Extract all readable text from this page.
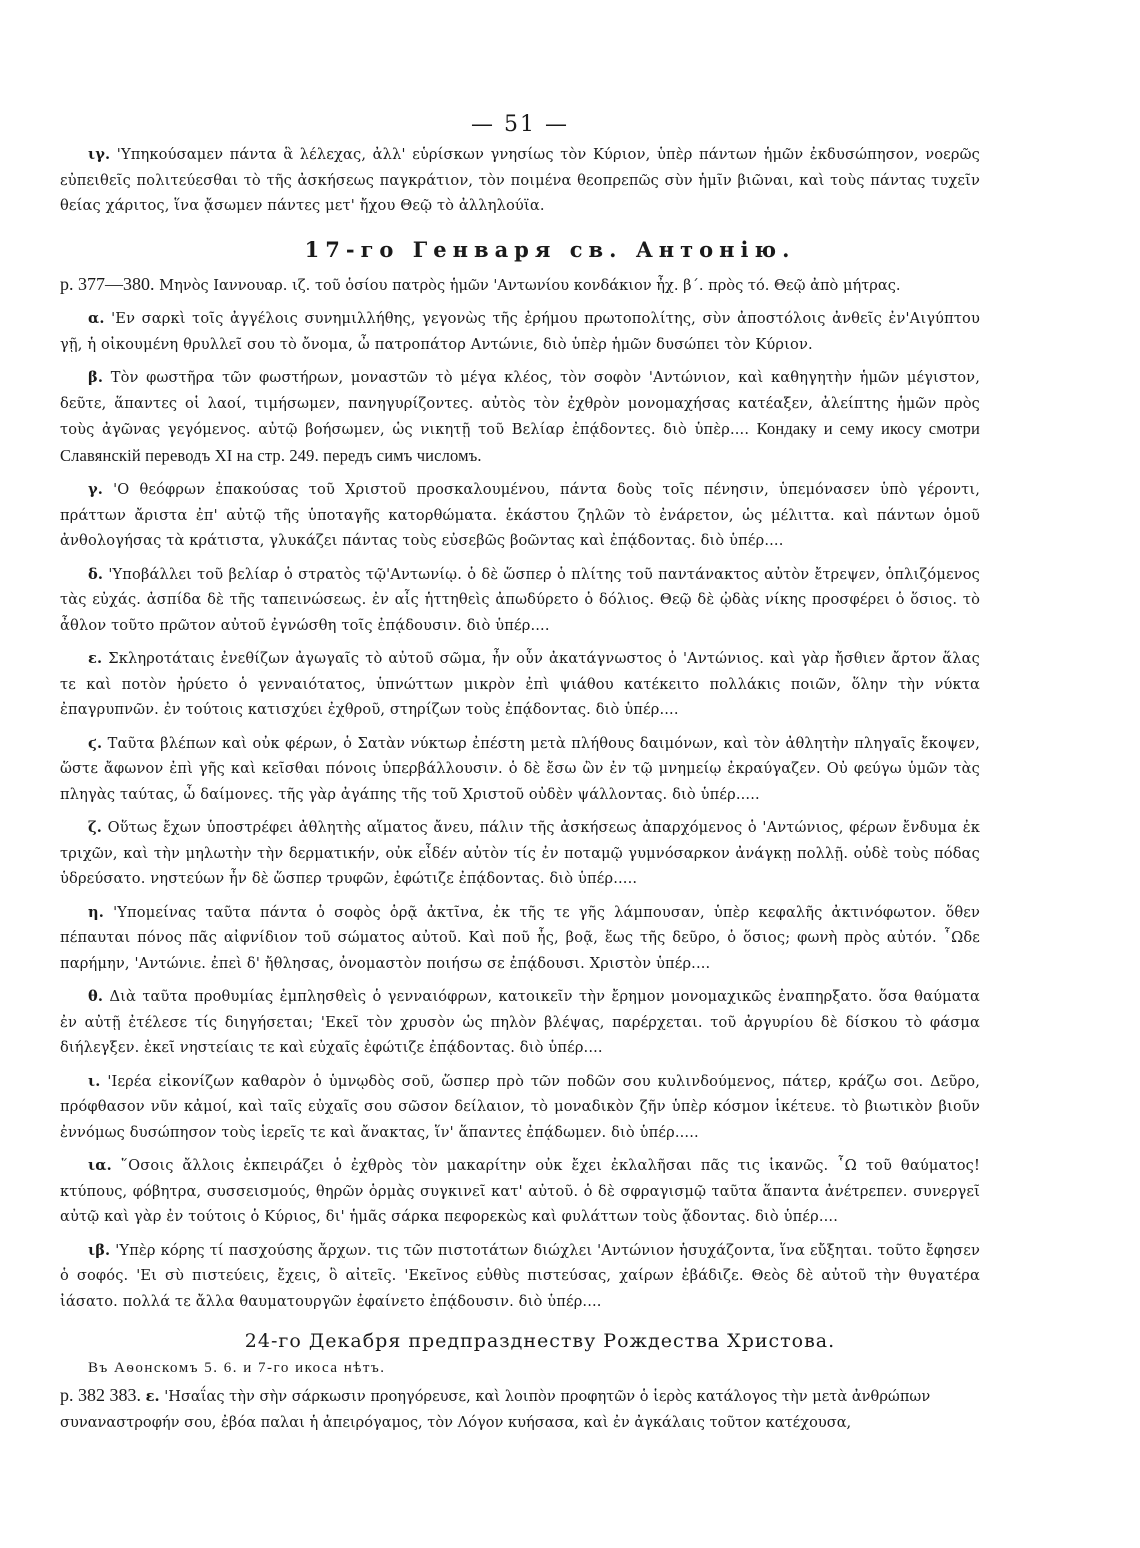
— 51 —

ιγ. 'Υπηκούσαμεν πάντα ἃ λέλεχας, ἀλλ' εὑρίσκων γνησίως τὸν Κύριον, ὑπὲρ πάντων ἡμῶν ἐκδυσώπησον, νοερῶς εὐπειθεῖς πολιτεύεσθαι τὸ τῆς ἀσκήσεως παγκράτιον, τὸν ποιμένα θεοπρεπῶς σὺν ἡμῖν βιῶναι, καὶ τοὺς πάντας τυχεῖν θείας χάριτος, ἵνα ᾄσωμεν πάντες μετ' ἤχου Θεῷ τὸ ἀλληλούϊα.

17-го Генваря св. Антонiю.

р. 377—380. Μηνὸς Ιαννουαρ. ιζ. τοῦ ὁσίου πατρὸς ἡμῶν 'Αντωνίου κονδάκιον ἦχ. β΄. πρὸς τό. Θεῷ ἀπὸ μήτρας.

α. 'Εν σαρκὶ τοῖς ἀγγέλοις συνημιλλήθης, γεγονὼς τῆς ἐρήμου πρωτοπολίτης, σὺν ἀποστόλοις ἀνθεῖς ἐν'Αιγύπτου γῇ, ἡ οἰκουμένη θρυλλεῖ σου τὸ ὄνομα, ὦ πατροπάτορ Αντώνιε, διὸ ὑπὲρ ἡμῶν δυσώπει τὸν Κύριον.

β. Τὸν φωστῆρα τῶν φωστήρων, μοναστῶν τὸ μέγα κλέος, τὸν σοφὸν 'Αντώνιον, καὶ καθηγητὴν ἡμῶν μέγιστον, δεῦτε, ἅπαντες οἱ λαοί, τιμήσωμεν, πανηγυρίζοντες. αὐτὸς τὸν ἐχθρὸν μονομαχήσας κατέαξεν, ἀλείπτης ἡμῶν πρὸς τοὺς ἀγῶνας γεγόμενος. αὐτῷ βοήσωμεν, ὡς νικητῇ τοῦ Βελίαρ ἐπᾴδοντες. διὸ ὑπὲρ.... Кондаку и сему икосу смотри Славянскiй переводъ XI на стр. 249. передъ симъ числомъ.

γ. 'Ο θεόφρων ἐπακούσας τοῦ Χριστοῦ προσκαλουμένου, πάντα δοὺς τοῖς πένησιν, ὑπεμόνασεν ὑπὸ γέροντι, πράττων ἄριστα ἐπ' αὐτῷ τῆς ὑποταγῆς κατορθώματα. ἑκάστου ζηλῶν τὸ ἐνάρετον, ὡς μέλιττα. καὶ πάντων ὁμοῦ ἀνθολογήσας τὰ κράτιστα, γλυκάζει πάντας τοὺς εὐσεβῶς βοῶντας καὶ ἐπᾴδοντας. διὸ ὑπέρ....

δ. 'Υποβάλλει τοῦ βελίαρ ὁ στρατὸς τῷ'Αντωνίῳ. ὁ δὲ ὥσπερ ὁ πλίτης τοῦ παντάνακτος αὐτὸν ἔτρεψεν, ὁπλιζόμενος τὰς εὐχάς. ἀσπίδα δὲ τῆς ταπεινώσεως. ἐν αἷς ἡττηθεὶς ἀπωδύρετο ὁ δόλιος. Θεῷ δὲ ᾠδὰς νίκης προσφέρει ὁ ὅσιος. τὸ ἆθλον τοῦτο πρῶτον αὐτοῦ ἐγνώσθη τοῖς ἐπᾴδουσιν. διὸ ὑπέρ....

ε. Σκληροτάταις ἐνεθίζων ἀγωγαῖς τὸ αὐτοῦ σῶμα, ἦν οὖν ἀκατάγνωστος ὁ 'Αντώνιος. καὶ γὰρ ἤσθιεν ἄρτον ἅλας τε καὶ ποτὸν ἠρύετο ὁ γενναιότατος, ὑπνώττων μικρὸν ἐπὶ ψιάθου κατέκειτο πολλάκις ποιῶν, ὅλην τὴν νύκτα ἐπαγρυπνῶν. ἐν τούτοις κατισχύει ἐχθροῦ, στηρίζων τοὺς ἐπᾴδοντας. διὸ ὑπέρ....

ϛ. Ταῦτα βλέπων καὶ οὐκ φέρων, ὁ Σατὰν νύκτωρ ἐπέστη μετὰ πλήθους δαιμόνων, καὶ τὸν ἀθλητὴν πληγαῖς ἔκοψεν, ὥστε ἄφωνον ἐπὶ γῆς καὶ κεῖσθαι πόνοις ὑπερβάλλουσιν. ὁ δὲ ἔσω ὢν ἐν τῷ μνημείῳ ἐκραύγαζεν. Οὐ φεύγω ὑμῶν τὰς πληγὰς ταύτας, ὦ δαίμονες. τῆς γὰρ ἀγάπης τῆς τοῦ Χριστοῦ οὐδὲν ψάλλοντας. διὸ ὑπέρ.....

ζ. Οὕτως ἔχων ὑποστρέφει ἀθλητὴς αἵματος ἄνευ, πάλιν τῆς ἀσκήσεως ἀπαρχόμενος ὁ 'Αντώνιος, φέρων ἔνδυμα ἐκ τριχῶν, καὶ τὴν μηλωτὴν τὴν δερματικήν, οὐκ εἶδέν αὐτὸν τίς ἐν ποταμῷ γυμνόσαρκον ἀνάγκῃ πολλῇ. οὐδὲ τοὺς πόδας ὑδρεύσατο. νηστεύων ἦν δὲ ὥσπερ τρυφῶν, ἐφώτιζε ἐπᾴδοντας. διὸ ὑπέρ.....

η. 'Υπομείνας ταῦτα πάντα ὁ σοφὸς ὁρᾷ ἀκτῖνα, ἐκ τῆς τε γῆς λάμπουσαν, ὑπὲρ κεφαλῆς ἀκτινόφωτον. ὅθεν πέπαυται πόνος πᾶς αἰφνίδιον τοῦ σώματος αὐτοῦ. Καὶ ποῦ ἧς, βοᾷ, ἕως τῆς δεῦρο, ὁ ὅσιος; φωνὴ πρὸς αὐτόν. ῟Ωδε παρήμην, 'Αντώνιε. ἐπεὶ δ' ἤθλησας, ὀνομαστὸν ποιήσω σε ἐπᾴδουσι. Χριστὸν ὑπέρ....

θ. Διὰ ταῦτα προθυμίας ἐμπλησθεὶς ὁ γενναιόφρων, κατοικεῖν τὴν ἔρημον μονομαχικῶς ἐναπηρξατο. ὅσα θαύματα ἐν αὐτῇ ἐτέλεσε τίς διηγήσεται; 'Εκεῖ τὸν χρυσὸν ὡς πηλὸν βλέψας, παρέρχεται. τοῦ ἀργυρίου δὲ δίσκου τὸ φάσμα διήλεγξεν. ἐκεῖ νηστείαις τε καὶ εὐχαῖς ἐφώτιζε ἐπᾴδοντας. διὸ ὑπέρ....

ι. 'Ιερέα εἰκονίζων καθαρὸν ὁ ὑμνῳδὸς σοῦ, ὥσπερ πρὸ τῶν ποδῶν σου κυλινδούμενος, πάτερ, κράζω σοι. Δεῦρο, πρόφθασον νῦν κἀμοί, καὶ ταῖς εὐχαῖς σου σῶσον δείλαιον, τὸ μοναδικὸν ζῆν ὑπὲρ κόσμον ἱκέτευε. τὸ βιωτικὸν βιοῦν ἐννόμως δυσώπησον τοὺς ἱερεῖς τε καὶ ἄνακτας, ἵν' ἅπαντες ἐπᾴδωμεν. διὸ ὑπέρ.....

ια. ῞Οσοις ἄλλοις ἐκπειράζει ὁ ἐχθρὸς τὸν μακαρίτην οὐκ ἔχει ἐκλαλῆσαι πᾶς τις ἱκανῶς. ῟Ω τοῦ θαύματος! κτύπους, φόβητρα, συσσεισμούς, θηρῶν ὁρμὰς συγκινεῖ κατ' αὐτοῦ. ὁ δὲ σφραγισμῷ ταῦτα ἅπαντα ἀνέτρεπεν. συνεργεῖ αὐτῷ καὶ γὰρ ἐν τούτοις ὁ Κύριος, δι' ἡμᾶς σάρκα πεφορεκὼς καὶ φυλάττων τοὺς ᾄδοντας. διὸ ὑπέρ....

ιβ. 'Υπὲρ κόρης τί πασχούσης ἄρχων. τις τῶν πιστοτάτων διώχλει 'Αντώνιον ἡσυχάζοντα, ἵνα εὔξηται. τοῦτο ἔφησεν ὁ σοφός. 'Ει σὺ πιστεύεις, ἔχεις, ὃ αἰτεῖς. 'Εκεῖνος εὐθὺς πιστεύσας, χαίρων ἐβάδιζε. Θεὸς δὲ αὐτοῦ τὴν θυγατέρα ἰάσατο. πολλά τε ἄλλα θαυματουργῶν ἐφαίνετο ἐπᾴδουσιν. διὸ ὑπέρ....

24-го Декабря предпразднеству Рождества Христова.
Въ Аѳонскомъ 5. 6. и 7-го икоса нѣтъ.

р. 382 383. ε. 'Ησαΐας τὴν σὴν σάρκωσιν προηγόρευσε, καὶ λοιπὸν προφητῶν ὁ ἱερὸς κατάλογος τὴν μετὰ ἀνθρώπων συναναστροφήν σου, ἐβόα παλαι ἡ ἀπειρόγαμος, τὸν Λόγον κυήσασα, καὶ ἐν ἀγκάλαις τοῦτον κατέχουσα,
